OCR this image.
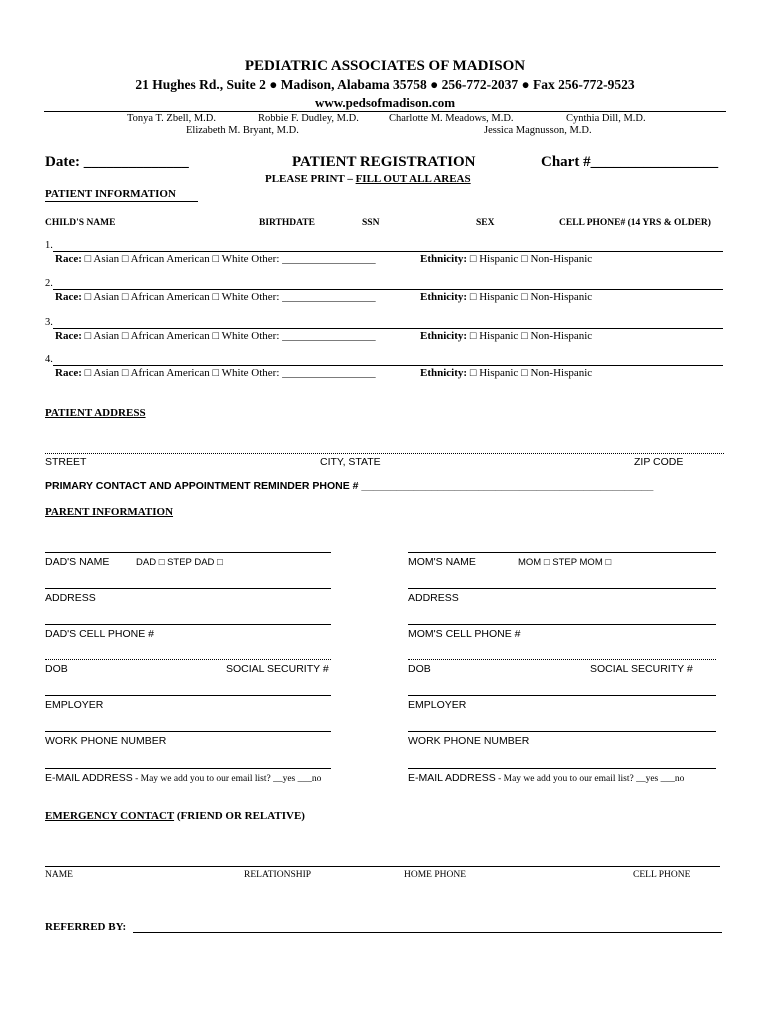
PEDIATRIC ASSOCIATES OF MADISON
21 Hughes Rd., Suite 2 ● Madison, Alabama 35758 ● 256-772-2037 ● Fax 256-772-9523
www.pedsofmadison.com
Tonya T. Zbell, M.D.	Robbie F. Dudley, M.D.	Charlotte M. Meadows, M.D.	Cynthia Dill, M.D.
Elizabeth M. Bryant, M.D.	Jessica Magnusson, M.D.
Date: ______________	PATIENT REGISTRATION	Chart #_________________
PLEASE PRINT – FILL OUT ALL AREAS
PATIENT INFORMATION
CHILD'S NAME	BIRTHDATE	SSN	SEX	CELL PHONE# (14 YRS & OLDER)
1.
Race: □ Asian □ African American □ White Other: _________________	Ethnicity: □ Hispanic □ Non-Hispanic
2.
Race: □ Asian □ African American □ White Other: _________________	Ethnicity: □ Hispanic □ Non-Hispanic
3.
Race: □ Asian □ African American □ White Other: _________________	Ethnicity: □ Hispanic □ Non-Hispanic
4.
Race: □ Asian □ African American □ White Other: _________________	Ethnicity: □ Hispanic □ Non-Hispanic
PATIENT ADDRESS
STREET	CITY, STATE	ZIP CODE
PRIMARY CONTACT AND APPOINTMENT REMINDER PHONE # __________________________________________________
PARENT INFORMATION
DAD'S NAME	DAD □ STEP DAD □
ADDRESS
DAD'S CELL PHONE #
DOB	SOCIAL SECURITY #
EMPLOYER
WORK PHONE NUMBER
E-MAIL ADDRESS - May we add you to our email list? __yes ___no
MOM'S NAME	MOM □ STEP MOM □
ADDRESS
MOM'S CELL PHONE #
DOB	SOCIAL SECURITY #
EMPLOYER
WORK PHONE NUMBER
E-MAIL ADDRESS - May we add you to our email list? __yes ___no
EMERGENCY CONTACT (FRIEND OR RELATIVE)
NAME	RELATIONSHIP	HOME PHONE	CELL PHONE
REFERRED BY:
